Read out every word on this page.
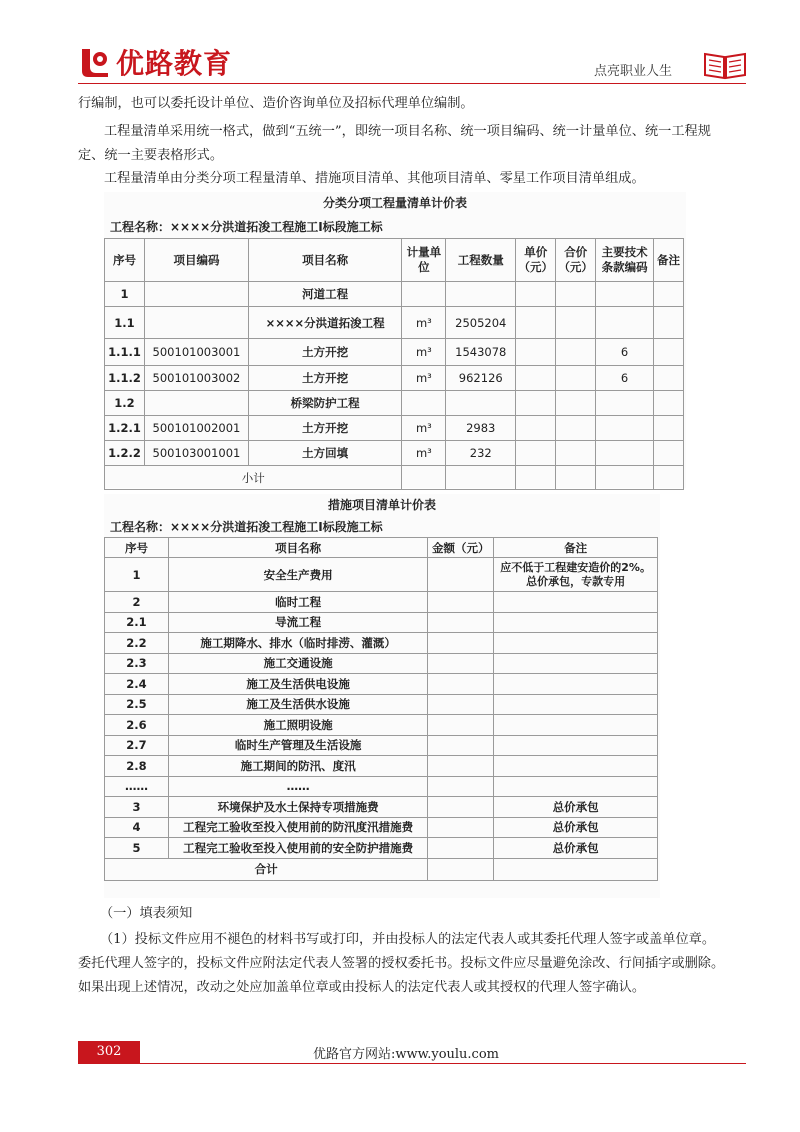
优路教育	点亮职业人生
行编制，也可以委托设计单位、造价咨询单位及招标代理单位编制。
工程量清单采用统一格式，做到“五统一”，即统一项目名称、统一项目编码、统一计量单位、统一工程规定、统一主要表格形式。
工程量清单由分类分项工程量清单、措施项目清单、其他项目清单、零星工作项目清单组成。
分类分项工程量清单计价表
工程名称：××××分洪道拓浚工程施工Ⅰ标段施工标
序号	项目编码	项目名称	计量单位	工程数量	单价（元）	合价（元）	主要技术条款编码	备注
1		河道工程						
1.1		××××分洪道拓浚工程	m³	2505204				
1.1.1	500101003001	土方开挖	m³	1543078			6	
1.1.2	500101003002	土方开挖	m³	962126			6	
1.2		桥梁防护工程						
1.2.1	500101002001	土方开挖	m³	2983				
1.2.2	500103001001	土方回填	m³	232				
小计								
措施项目清单计价表
工程名称：××××分洪道拓浚工程施工Ⅰ标段施工标
序号	项目名称	金额（元）	备注
1	安全生产费用		应不低于工程建安造价的2%。总价承包，专款专用
2	临时工程		
2.1	导流工程		
2.2	施工期降水、排水（临时排涝、灌溉）		
2.3	施工交通设施		
2.4	施工及生活供电设施		
2.5	施工及生活供水设施		
2.6	施工照明设施		
2.7	临时生产管理及生活设施		
2.8	施工期间的防汛、度汛		
……	……		
3	环境保护及水土保持专项措施费		总价承包
4	工程完工验收至投入使用前的防汛度汛措施费		总价承包
5	工程完工验收至投入使用前的安全防护措施费		总价承包
合计			
（一）填表须知
（1）投标文件应用不褪色的材料书写或打印，并由投标人的法定代表人或其委托代理人签字或盖单位章。委托代理人签字的，投标文件应附法定代表人签署的授权委托书。投标文件应尽量避免涂改、行间插字或删除。如果出现上述情况，改动之处应加盖单位章或由投标人的法定代表人或其授权的代理人签字确认。
302	优路官方网站:www.youlu.com
